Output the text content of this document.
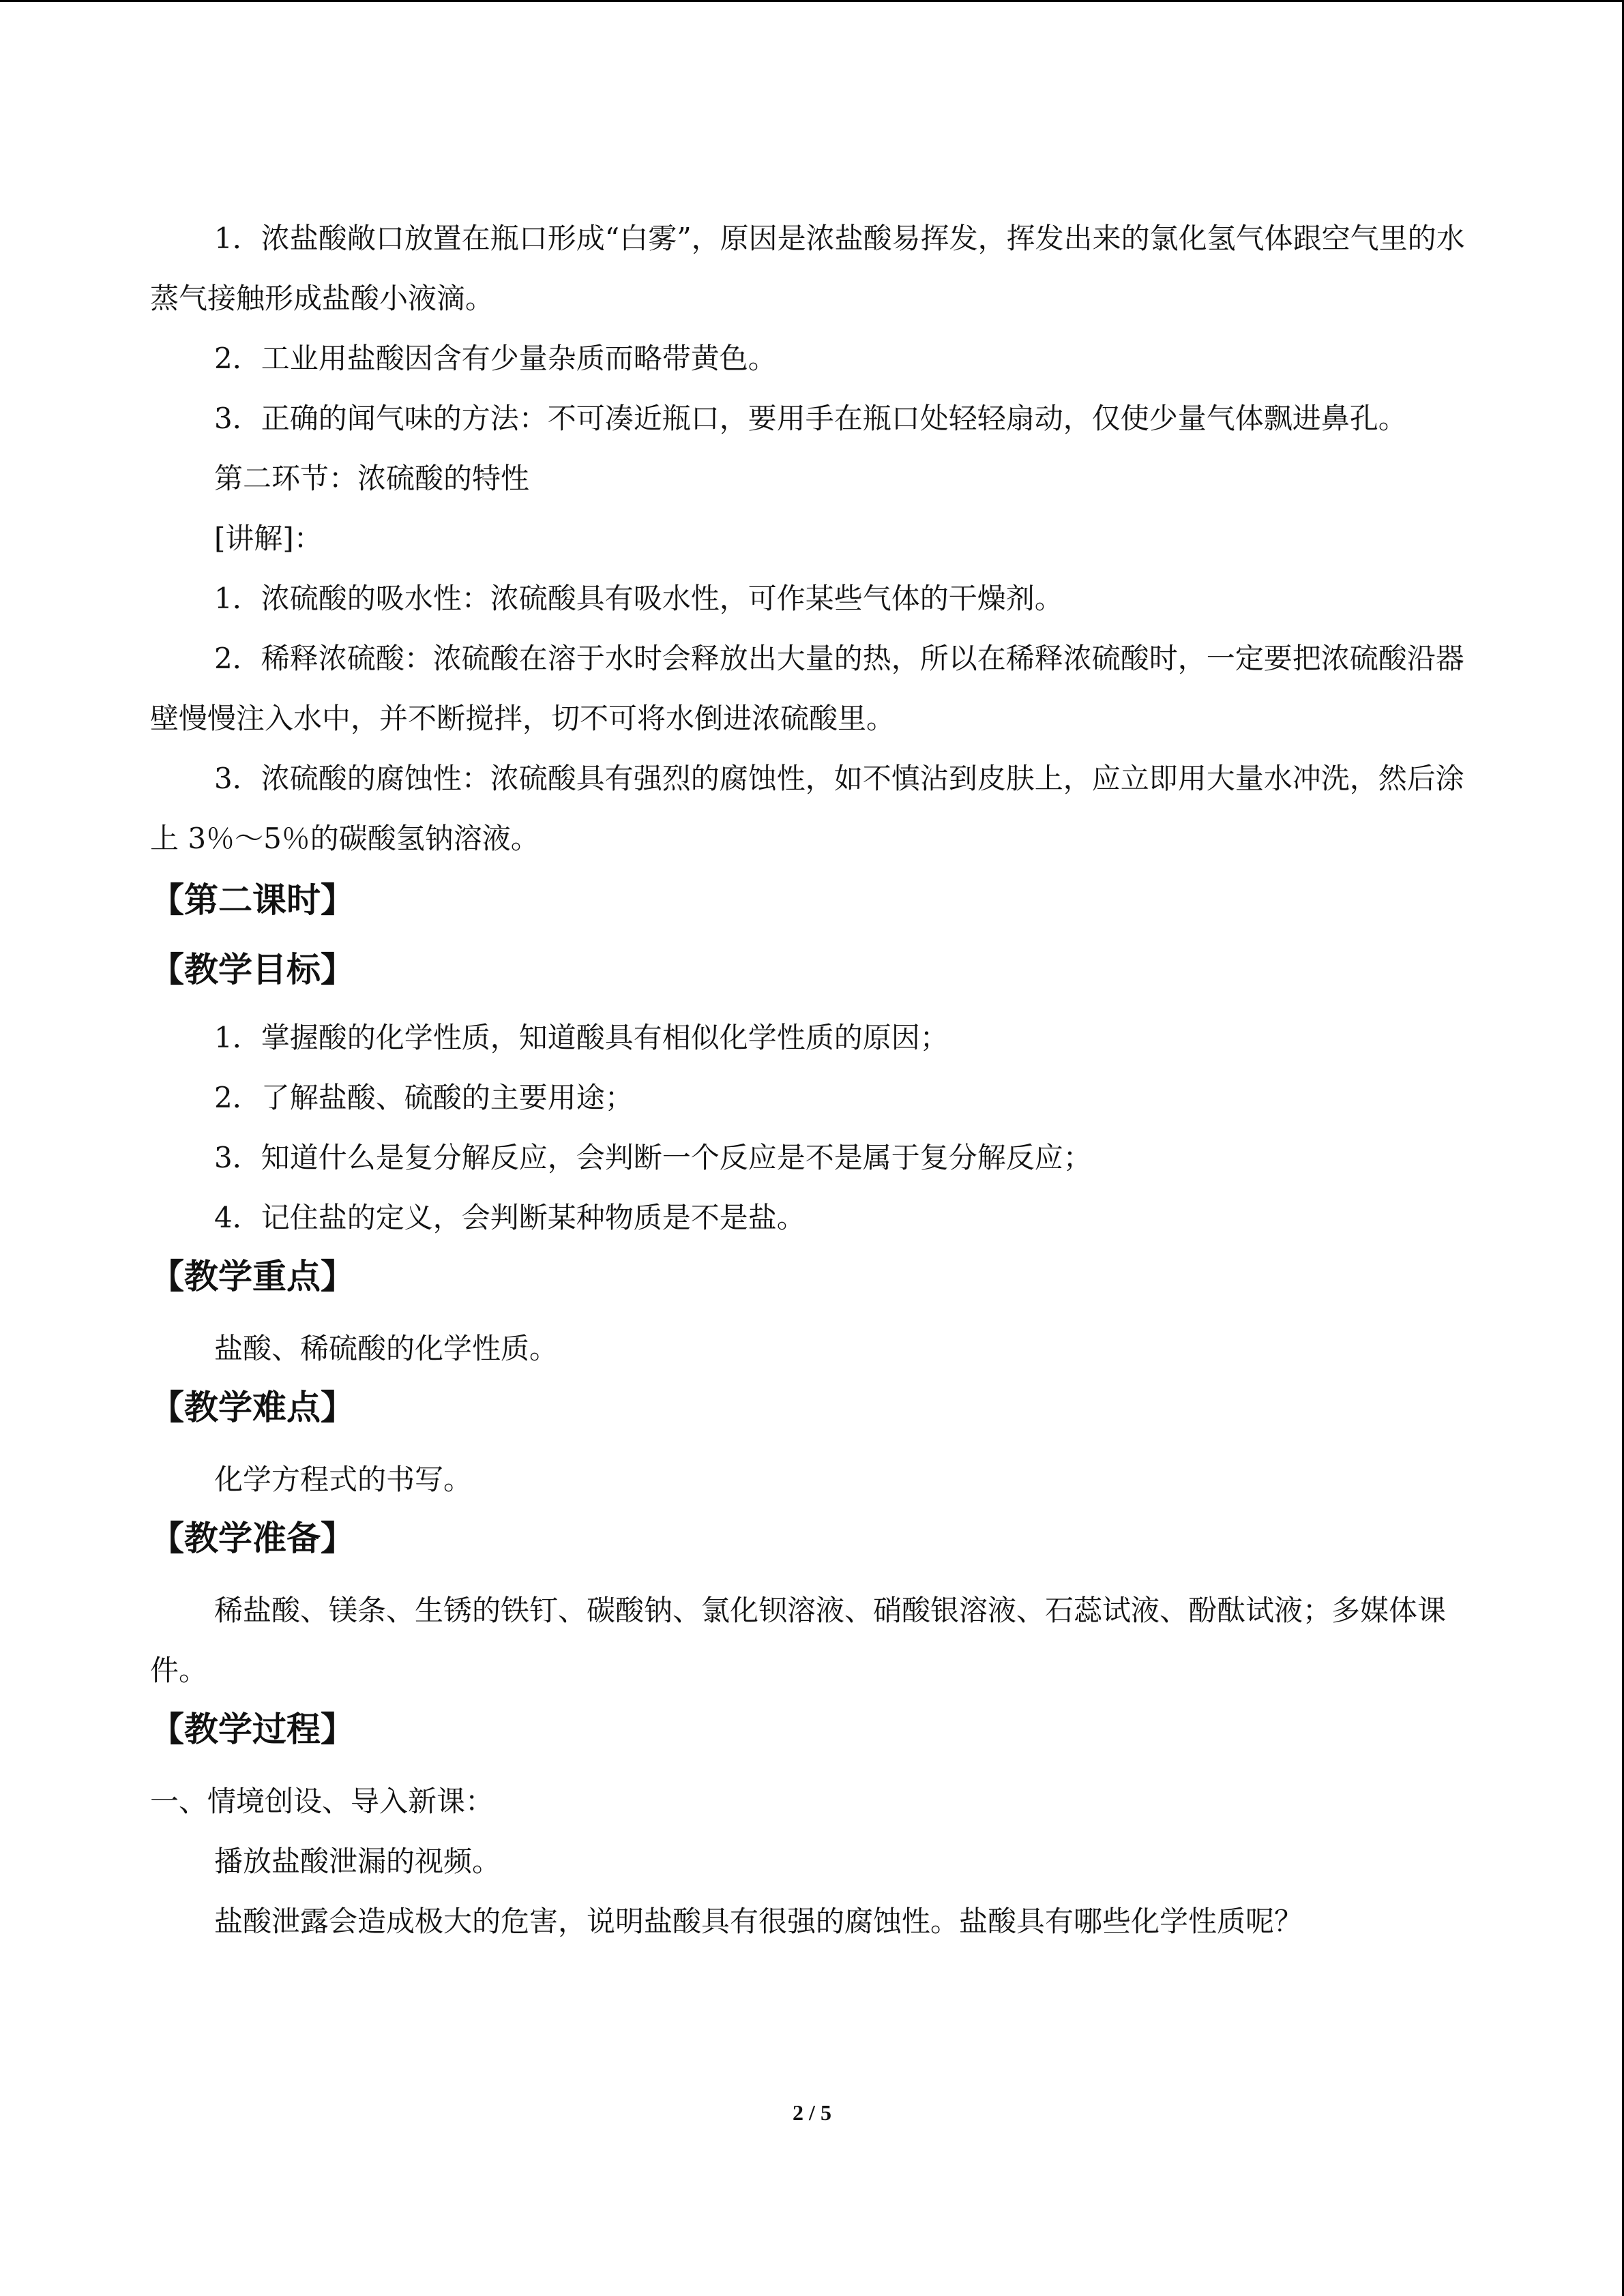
1．浓盐酸敞口放置在瓶口形成“白雾”，原因是浓盐酸易挥发，挥发出来的氯化氢气体跟空气里的水蒸气接触形成盐酸小液滴。

2．工业用盐酸因含有少量杂质而略带黄色。

3．正确的闻气味的方法：不可凑近瓶口，要用手在瓶口处轻轻扇动，仅使少量气体飘进鼻孔。

第二环节：浓硫酸的特性

[讲解]：

1．浓硫酸的吸水性：浓硫酸具有吸水性，可作某些气体的干燥剂。

2．稀释浓硫酸：浓硫酸在溶于水时会释放出大量的热，所以在稀释浓硫酸时，一定要把浓硫酸沿器壁慢慢注入水中，并不断搅拌，切不可将水倒进浓硫酸里。

3．浓硫酸的腐蚀性：浓硫酸具有强烈的腐蚀性，如不慎沾到皮肤上，应立即用大量水冲洗，然后涂上 3％～5％的碳酸氢钠溶液。

【第二课时】

【教学目标】

1．掌握酸的化学性质，知道酸具有相似化学性质的原因；

2．了解盐酸、硫酸的主要用途；

3．知道什么是复分解反应，会判断一个反应是不是属于复分解反应；

4．记住盐的定义，会判断某种物质是不是盐。

【教学重点】

盐酸、稀硫酸的化学性质。

【教学难点】

化学方程式的书写。

【教学准备】

稀盐酸、镁条、生锈的铁钉、碳酸钠、氯化钡溶液、硝酸银溶液、石蕊试液、酚酞试液；多媒体课件。

【教学过程】

一、情境创设、导入新课：

播放盐酸泄漏的视频。

盐酸泄露会造成极大的危害，说明盐酸具有很强的腐蚀性。盐酸具有哪些化学性质呢？

2 / 5
